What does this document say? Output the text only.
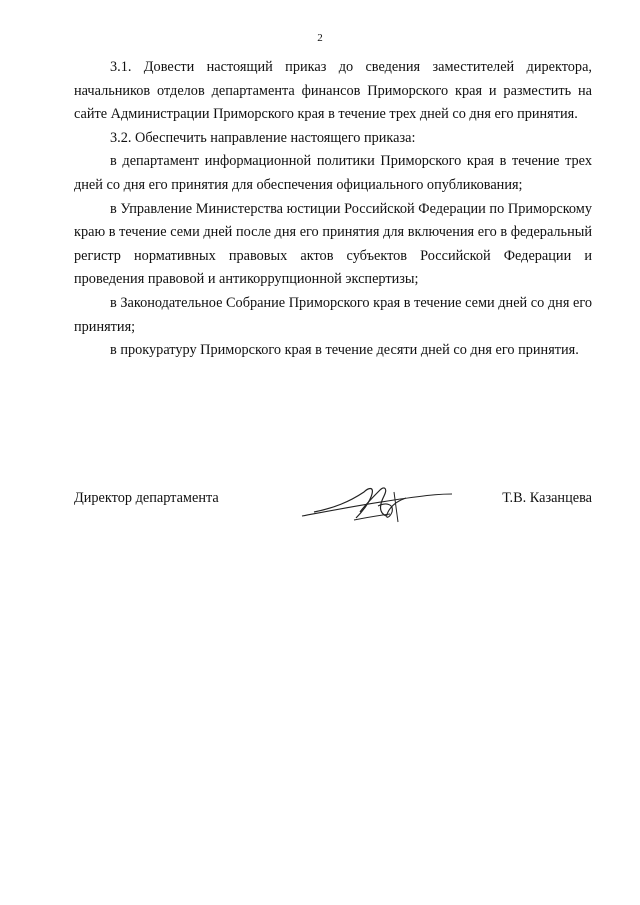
2

3.1. Довести настоящий приказ до сведения заместителей директора, начальников отделов департамента финансов Приморского края и разместить на сайте Администрации Приморского края в течение трех дней со дня его принятия.

3.2. Обеспечить направление настоящего приказа:

в департамент информационной политики Приморского края в течение трех дней со дня его принятия для обеспечения официального опубликования;

в Управление Министерства юстиции Российской Федерации по Приморскому краю в течение семи дней после дня его принятия для включения его в федеральный регистр нормативных правовых актов субъектов Российской Федерации и проведения правовой и антикоррупционной экспертизы;

в Законодательное Собрание Приморского края в течение семи дней со дня его принятия;

в прокуратуру Приморского края в течение десяти дней со дня его принятия.

Директор департамента	Т.В. Казанцева
